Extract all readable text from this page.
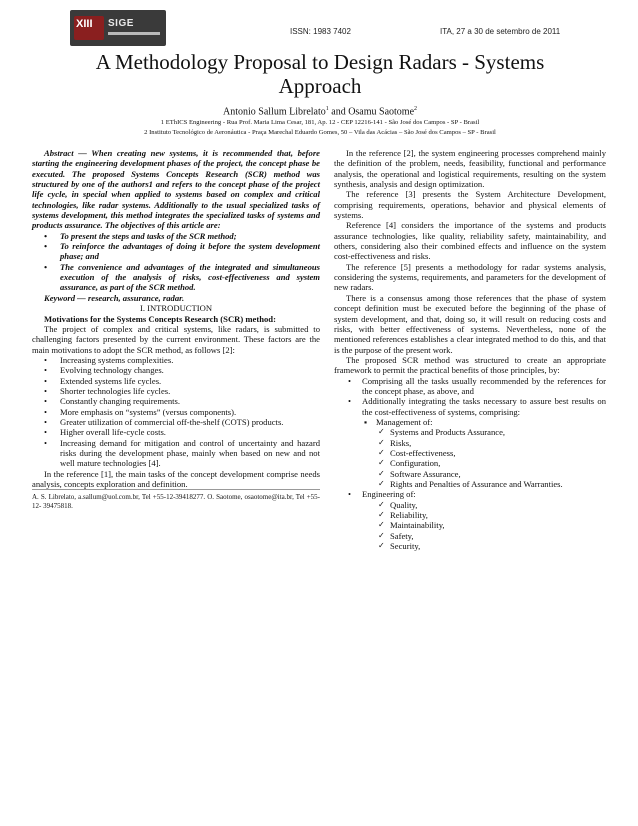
XIII SIGE
ISSN: 1983 7402	ITA, 27 a 30 de setembro de 2011
A Methodology Proposal to Design Radars - Systems Approach
Antonio Sallum Librelato$^1$ and Osamu Saotome$^2$
1 EThICS Engineering - Rua Prof. Maria Lima Cesar, 181, Ap. 12 - CEP 12216-141 - São José dos Campos - SP - Brasil
2 Instituto Tecnológico de Aeronáutica - Praça Marechal Eduardo Gomes, 50 – Vila das Acácias – São José dos Campos – SP - Brasil

Abstract — When creating new systems, it is recommended that, before starting the engineering development phases of the project, the concept phase be executed. The proposed Systems Concepts Research (SCR) method was structured by one of the authors1 and refers to the concept phase of the project life cycle, in special when applied to systems based on complex and critical technologies, like radar systems. Additionally to the usual specialized tasks of systems development, this method integrates the specialized tasks of systems and products assurance. The objectives of this article are:

• To present the steps and tasks of the SCR method;
• To reinforce the advantages of doing it before the system development phase; and
• The convenience and advantages of the integrated and simultaneous execution of the analysis of risks, cost-effectiveness and system assurance, as part of the SCR method.

Keyword — research, assurance, radar.

I. INTRODUCTION

Motivations for the Systems Concepts Research (SCR) method:

The project of complex and critical systems, like radars, is submitted to challenging factors presented by the current environment. These factors are the main motivations to adopt the SCR method, as follows [2]:

• Increasing systems complexities.
• Evolving technology changes.
• Extended systems life cycles.
• Shorter technologies life cycles.
• Constantly changing requirements.
• More emphasis on “systems” (versus components).
• Greater utilization of commercial off-the-shelf (COTS) products.
• Higher overall life-cycle costs.
• Increasing demand for mitigation and control of uncertainty and hazard risks during the development phase, mainly when based on new and not well mature technologies [4].

In the reference [1], the main tasks of the concept development comprise needs analysis, concepts exploration and definition.

A. S. Librelato, a.sallum@uol.com.br, Tel +55-12-39418277. O. Saotome, osaotome@ita.br, Tel +55-12- 39475818.

In the reference [2], the system engineering processes comprehend mainly the definition of the problem, needs, feasibility, functional and performance analysis, the operational and logistical requirements, resulting on the system synthesis, analysis and design optimization.

The reference [3] presents the System Architecture Development, comprising requirements, operations, behavior and physical elements of systems.

Reference [4] considers the importance of the systems and products assurance technologies, like quality, reliability safety, maintainability, and others, considering also their combined effects and influence on the system cost-effectiveness and risks.

The reference [5] presents a methodology for radar systems analysis, considering the systems, requirements, and parameters for the development of new radars.

There is a consensus among those references that the phase of system concept definition must be executed before the beginning of the phase of system development, and that, doing so, it will result on reducing costs and risks, with better effectiveness of systems. Nevertheless, none of the mentioned references establishes a clear integrated method to do this, and that is the purpose of the present work.

The proposed SCR method was structured to create an appropriate framework to permit the practical benefits of those principles, by:

• Comprising all the tasks usually recommended by the references for the concept phase, as above, and
• Additionally integrating the tasks necessary to assure best results on the cost-effectiveness of systems, comprising:
▪ Management of:
✓ Systems and Products Assurance,
✓ Risks,
✓ Cost-effectiveness,
✓ Configuration,
✓ Software Assurance,
✓ Rights and Penalties of Assurance and Warranties.
• Engineering of:
✓ Quality,
✓ Reliability,
✓ Maintainability,
✓ Safety,
✓ Security,
